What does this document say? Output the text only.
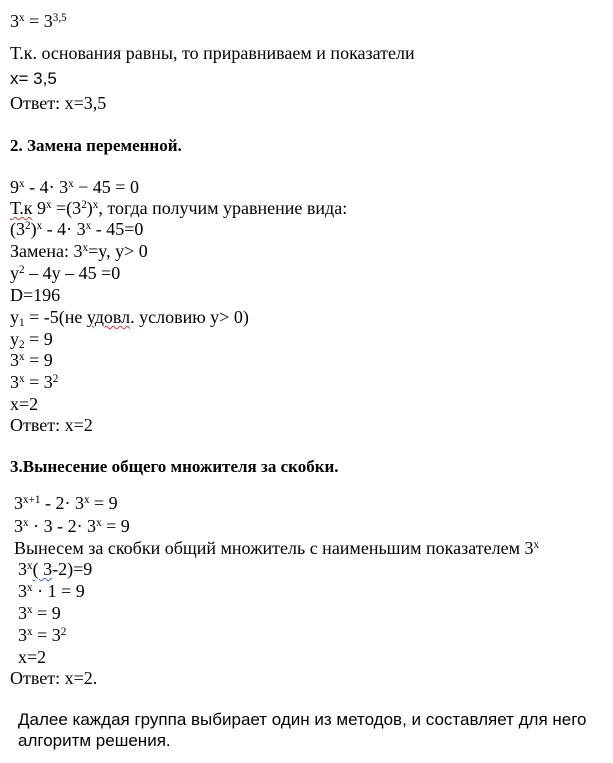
$3^x = 3^{3,5}$
Т.к. основания равны, то приравниваем и показатели
x= 3,5
Ответ: x=3,5
2. Замена переменной.
$9^x - 4\cdot 3^x - 45 = 0$
Т.к $9^x =(3^2)^x$, тогда получим уравнение вида:
$(3^2)^x - 4\cdot 3^x - 45=0$
Замена: $3^x=y$, y> 0
$y^2 - 4y - 45 =0$
D=196
y1 = -5(не удовл. условию y> 0)
y2 = 9
$3^x = 9$
$3^x = 3^2$
x=2
Ответ: x=2
3.Вынесение общего множителя за скобки.
$3^{x+1} - 2\cdot 3^x = 9$
$3^x \cdot 3 - 2\cdot 3^x = 9$
Вынесем за скобки общий множитель с наименьшим показателем 3$^x$
3$^x$( 3-2)=9
$3^x \cdot 1 = 9$
$3^x = 9$
$3^x = 3^2$
x=2
Ответ: x=2.
Далее каждая группа выбирает один из методов, и составляет для него
алгоритм решения.
